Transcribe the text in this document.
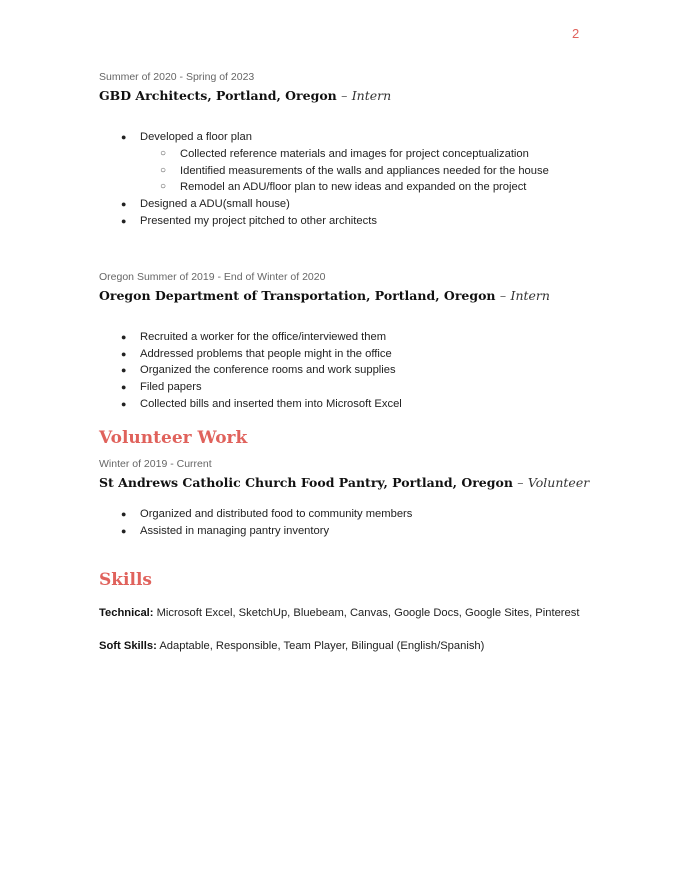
2

Summer of 2020 - Spring of 2023

GBD Architects, Portland, Oregon – Intern

● Developed a floor plan
○ Collected reference materials and images for project conceptualization
○ Identified measurements of the walls and appliances needed for the house
○ Remodel an ADU/floor plan to new ideas and expanded on the project
● Designed a ADU(small house)
● Presented my project pitched to other architects

Oregon Summer of 2019 - End of Winter of 2020

Oregon Department of Transportation, Portland, Oregon – Intern

● Recruited a worker for the office/interviewed them
● Addressed problems that people might in the office
● Organized the conference rooms and work supplies
● Filed papers
● Collected bills and inserted them into Microsoft Excel
Volunteer Work

Winter of 2019 - Current

St Andrews Catholic Church Food Pantry, Portland, Oregon – Volunteer

● Organized and distributed food to community members
● Assisted in managing pantry inventory
Skills

Technical: Microsoft Excel, SketchUp, Bluebeam, Canvas, Google Docs, Google Sites, Pinterest

Soft Skills: Adaptable, Responsible, Team Player, Bilingual (English/Spanish)
